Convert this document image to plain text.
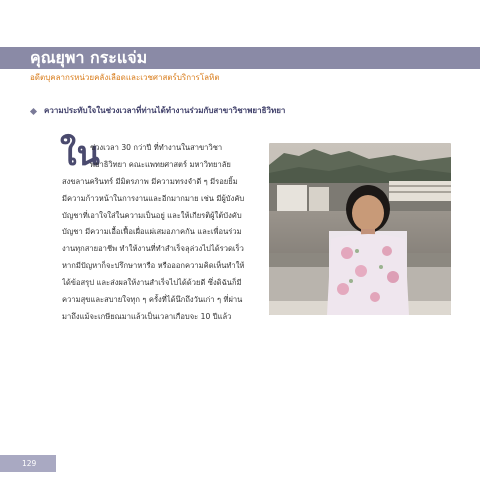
คุณยุพา กระแจ่ม
อดีตบุคลากรหน่วยคลังเลือดและเวชศาสตร์บริการโลหิต
ความประทับใจในช่วงเวลาที่ท่านได้ทำงานร่วมกับสาขาวิชาพยาธิวิทยา
ใน
ช่วงเวลา 30 กว่าปี ที่ทำงานในสาขาวิชา
พยาธิวิทยา คณะแพทยศาสตร์ มหาวิทยาลัย
สงขลานครินทร์ มีมิตรภาพ มีความทรงจำดี ๆ มีรอยยิ้ม
มีความก้าวหน้าในการงานและอีกมากมาย เช่น มีผู้บังคับ
บัญชาที่เอาใจใส่ในความเป็นอยู่ และให้เกียรติผู้ใต้บังคับ
บัญชา มีความเอื้อเฟื้อเผื่อแผ่เสมอภาคกัน และเพื่อนร่วม
งานทุกสายอาชีพ ทำให้งานที่ทำสำเร็จลุล่วงไปได้รวดเร็ว
หากมีปัญหาก็จะปรึกษาหารือ หรือออกความคิดเห็นทำให้
ได้ข้อสรุป และส่งผลให้งานสำเร็จไปได้ด้วยดี ซึ่งดิฉันก็มี
ความสุขและสบายใจทุก ๆ ครั้งที่ได้นึกถึงวันเก่า ๆ ที่ผ่าน
มาถึงแม้จะเกษียณมาแล้วเป็นเวลาเกือบจะ 10 ปีแล้ว
129
